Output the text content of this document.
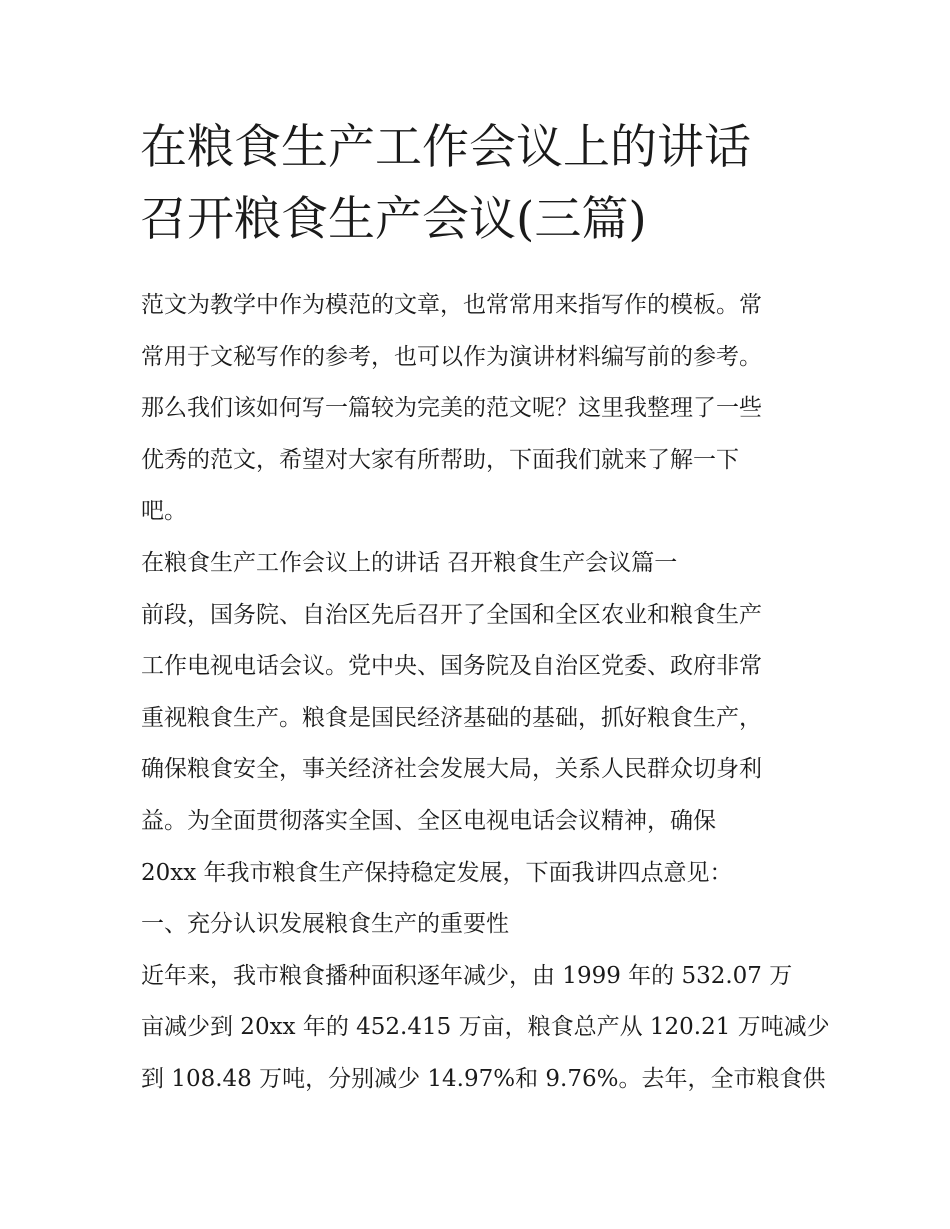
在粮食生产工作会议上的讲话
召开粮食生产会议(三篇)
范文为教学中作为模范的文章，也常常用来指写作的模板。常
常用于文秘写作的参考，也可以作为演讲材料编写前的参考。
那么我们该如何写一篇较为完美的范文呢？这里我整理了一些
优秀的范文，希望对大家有所帮助，下面我们就来了解一下
吧。
在粮食生产工作会议上的讲话 召开粮食生产会议篇一
前段，国务院、自治区先后召开了全国和全区农业和粮食生产
工作电视电话会议。党中央、国务院及自治区党委、政府非常
重视粮食生产。粮食是国民经济基础的基础，抓好粮食生产，
确保粮食安全，事关经济社会发展大局，关系人民群众切身利
益。为全面贯彻落实全国、全区电视电话会议精神，确保
20xx 年我市粮食生产保持稳定发展，下面我讲四点意见：
一、充分认识发展粮食生产的重要性
近年来，我市粮食播种面积逐年减少，由 1999 年的 532.07 万
亩减少到 20xx 年的 452.415 万亩，粮食总产从 120.21 万吨减少
到 108.48 万吨，分别减少 14.97%和 9.76%。去年，全市粮食供
